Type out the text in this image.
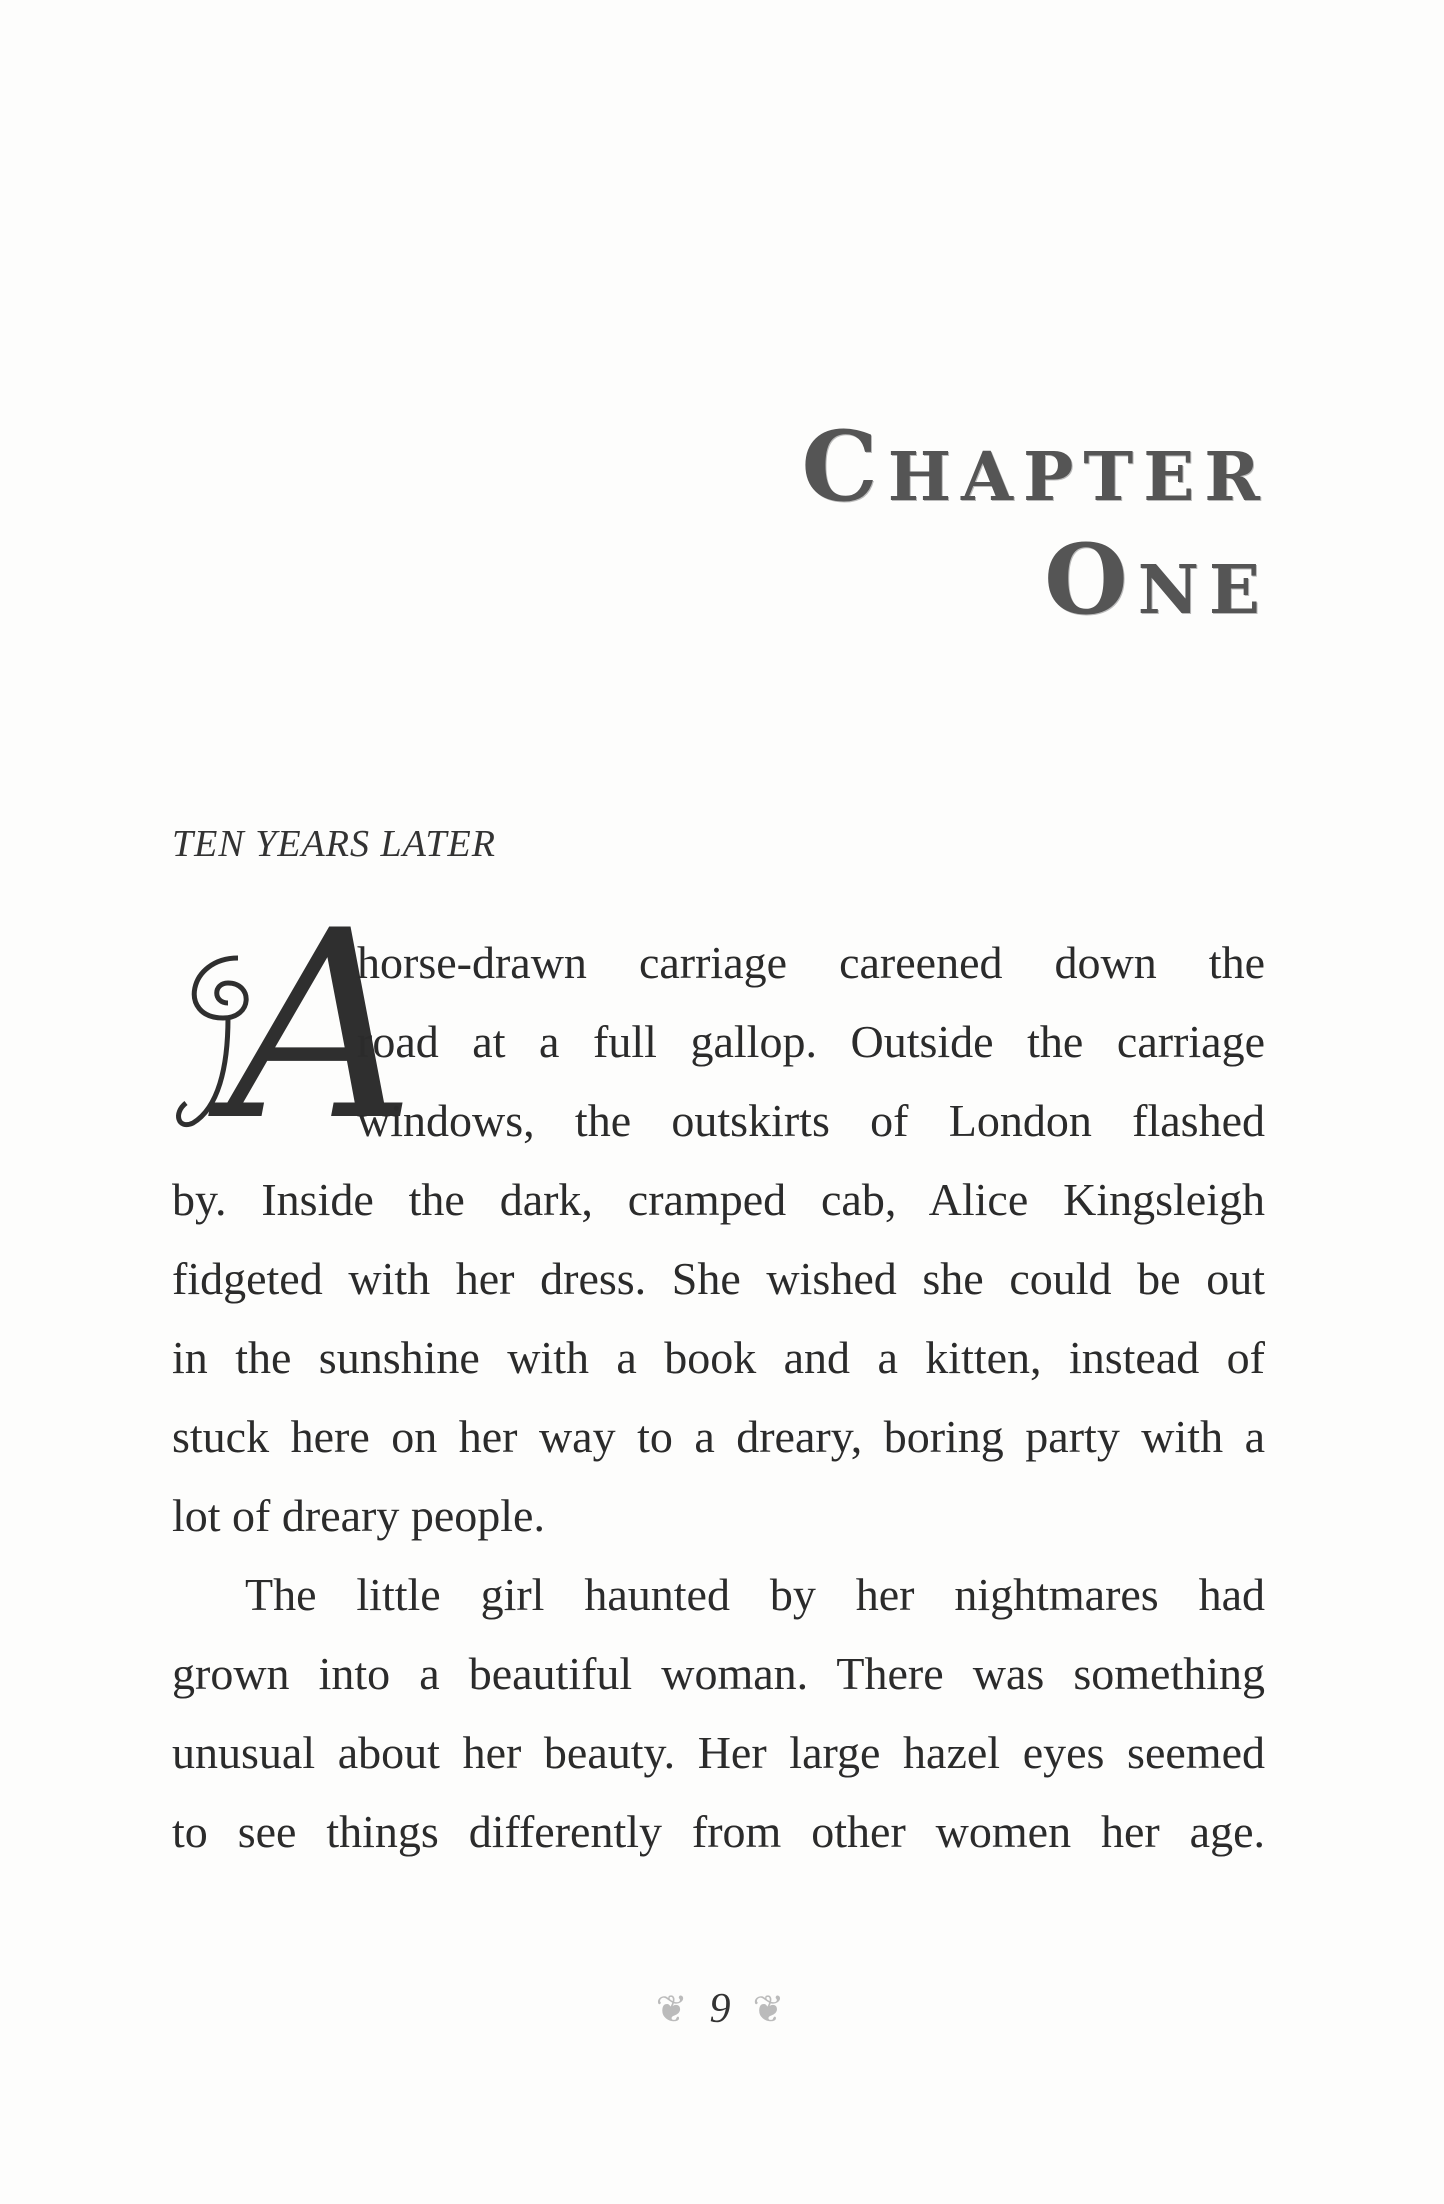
Chapter One
TEN YEARS LATER
A
horse-drawn carriage careened down the
road at a full gallop. Outside the carriage
windows, the outskirts of London flashed
by. Inside the dark, cramped cab, Alice Kingsleigh
fidgeted with her dress. She wished she could be out
in the sunshine with a book and a kitten, instead of
stuck here on her way to a dreary, boring party with a
lot of dreary people.
The little girl haunted by her nightmares had
grown into a beautiful woman. There was something
unusual about her beauty. Her large hazel eyes seemed
to see things differently from other women her age.
❦ 9 ❦
